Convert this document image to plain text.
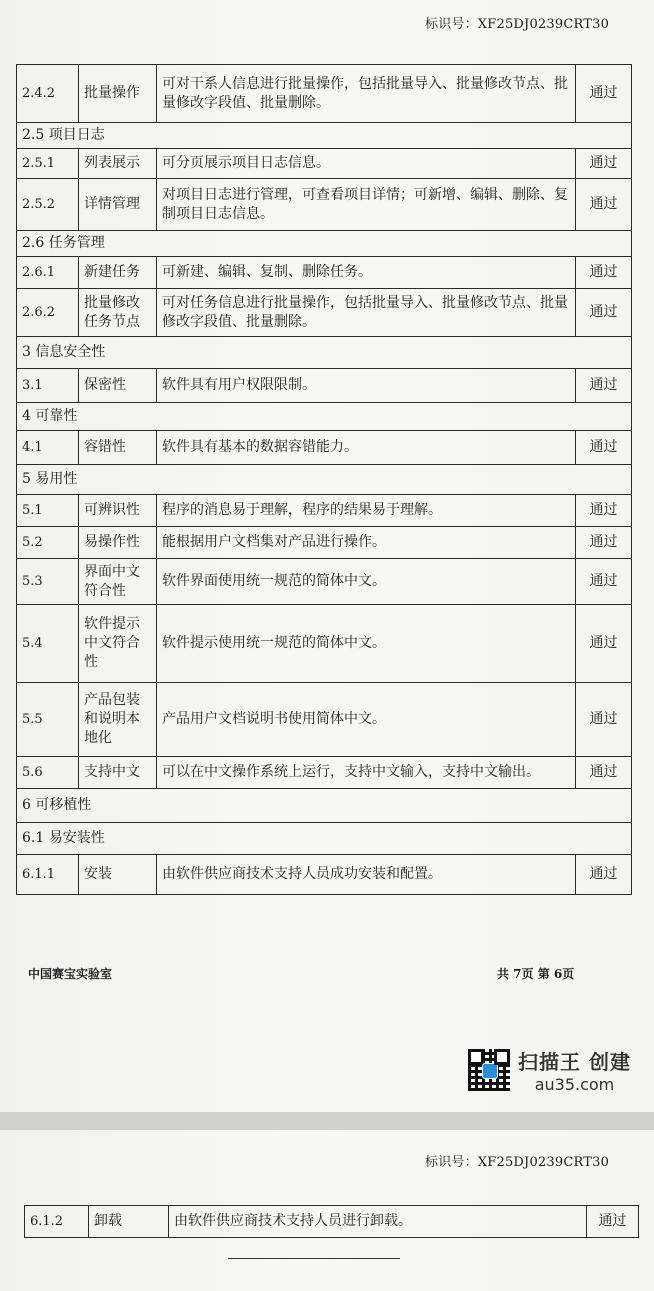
标识号：XF25DJ0239CRT30
2.4.2	批量操作	可对干系人信息进行批量操作，包括批量导入、批量修改节点、批量修改字段值、批量删除。	通过
2.5 项目日志			
2.5.1	列表展示	可分页展示项目日志信息。	通过
2.5.2	详情管理	对项目日志进行管理，可查看项目详情；可新增、编辑、删除、复制项目日志信息。	通过
2.6 任务管理			
2.6.1	新建任务	可新建、编辑、复制、删除任务。	通过
2.6.2	批量修改任务节点	可对任务信息进行批量操作，包括批量导入、批量修改节点、批量修改字段值、批量删除。	通过
3 信息安全性			
3.1	保密性	软件具有用户权限限制。	通过
4 可靠性			
4.1	容错性	软件具有基本的数据容错能力。	通过
5 易用性			
5.1	可辨识性	程序的消息易于理解，程序的结果易于理解。	通过
5.2	易操作性	能根据用户文档集对产品进行操作。	通过
5.3	界面中文符合性	软件界面使用统一规范的简体中文。	通过
5.4	软件提示中文符合性	软件提示使用统一规范的简体中文。	通过
5.5	产品包装和说明本地化	产品用户文档说明书使用简体中文。	通过
5.6	支持中文	可以在中文操作系统上运行，支持中文输入，支持中文输出。	通过
6 可移植性			
6.1 易安装性			
6.1.1	安装	由软件供应商技术支持人员成功安装和配置。	通过
中国赛宝实验室	共 7页 第 6页
扫描王 创建
au35.com
标识号：XF25DJ0239CRT30
6.1.2	卸载	由软件供应商技术支持人员进行卸载。	通过
